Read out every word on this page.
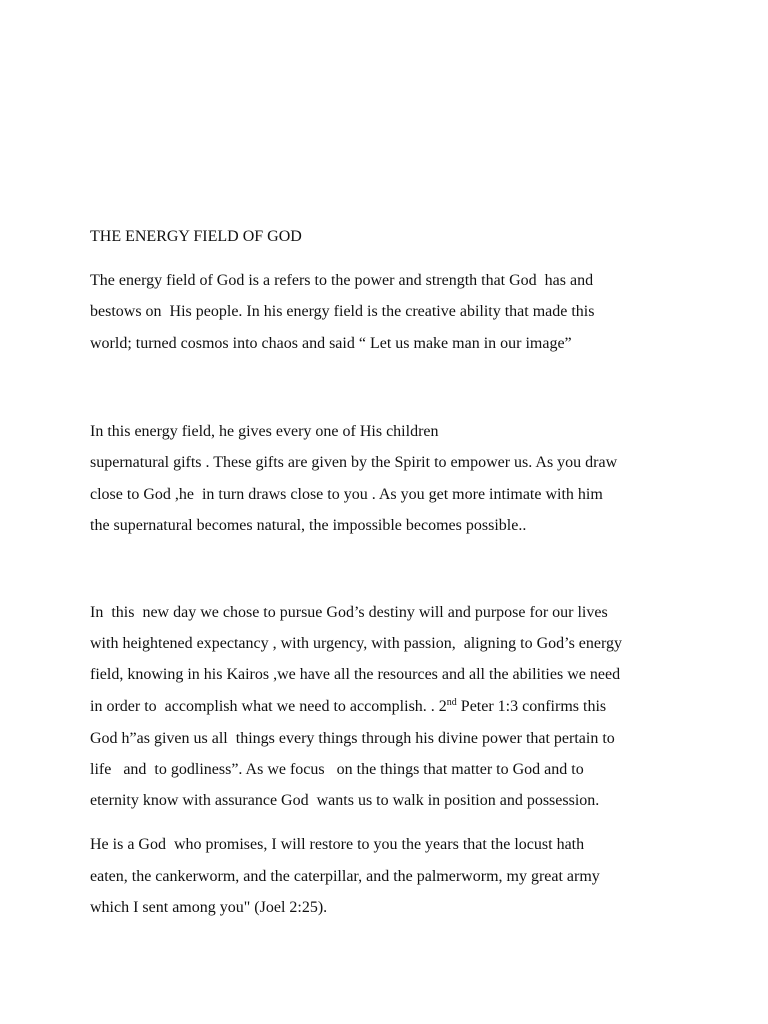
THE ENERGY FIELD OF GOD
The energy field of God is a refers to the power and strength that God  has and
bestows on  His people. In his energy field is the creative ability that made this
world; turned cosmos into chaos and said “ Let us make man in our image”
In this energy field, he gives every one of His children
supernatural gifts . These gifts are given by the Spirit to empower us. As you draw
close to God ,he  in turn draws close to you . As you get more intimate with him
the supernatural becomes natural, the impossible becomes possible..
In  this  new day we chose to pursue God’s destiny will and purpose for our lives
with heightened expectancy , with urgency, with passion,  aligning to God’s energy
field, knowing in his Kairos ,we have all the resources and all the abilities we need
in order to  accomplish what we need to accomplish. . 2nd Peter 1:3 confirms this
God h”as given us all  things every things through his divine power that pertain to
life   and  to godliness”. As we focus   on the things that matter to God and to
eternity know with assurance God  wants us to walk in position and possession.
He is a God  who promises, I will restore to you the years that the locust hath
eaten, the cankerworm, and the caterpillar, and the palmerworm, my great army
which I sent among you" (Joel 2:25).
